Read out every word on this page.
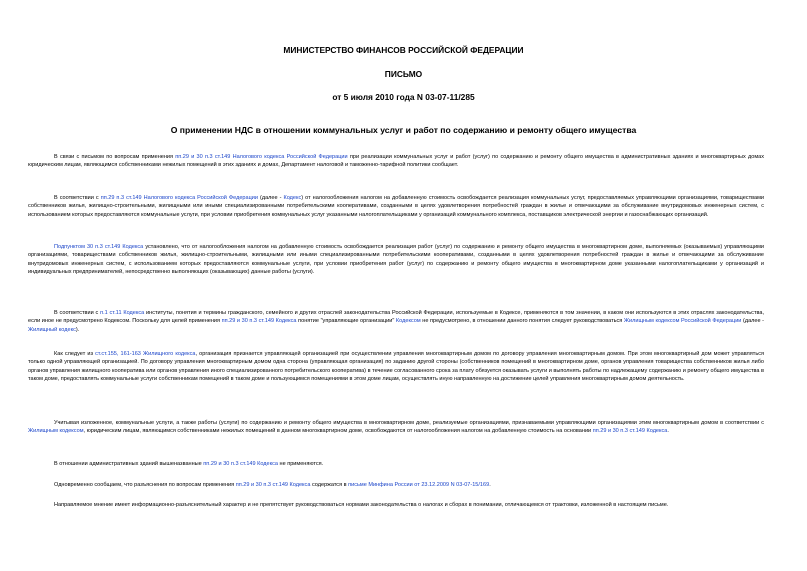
МИНИСТЕРСТВО ФИНАНСОВ РОССИЙСКОЙ ФЕДЕРАЦИИ
ПИСЬМО
от 5 июля 2010 года N 03-07-11/285
О применении НДС в отношении коммунальных услуг и работ по содержанию и ремонту общего имущества

В связи с письмом по вопросам применения пп.29 и 30 п.3 ст.149 Налогового кодекса Российской Федерации при реализации коммунальных услуг и работ (услуг) по содержанию и ремонту общего имущества в административных зданиях и многоквартирных домах юридическим лицам, являющимся собственниками нежилых помещений в этих зданиях и домах, Департамент налоговой и таможенно-тарифной политики сообщает.

В соответствии с пп.29 п.3 ст.149 Налогового кодекса Российской Федерации (далее - Кодекс) от налогообложения налогом на добавленную стоимость освобождается реализация коммунальных услуг, предоставляемых управляющими организациями, товариществами собственников жилья, жилищно-строительными, жилищными или иными специализированными потребительскими кооперативами, созданными в целях удовлетворения потребностей граждан в жилье и отвечающими за обслуживание внутридомовых инженерных систем, с использованием которых предоставляются коммунальные услуги, при условии приобретения коммунальных услуг указанными налогоплательщиками у организаций коммунального комплекса, поставщиков электрической энергии и газоснабжающих организаций.

Подпунктом 30 п.3 ст.149 Кодекса установлено, что от налогообложения налогом на добавленную стоимость освобождается реализация работ (услуг) по содержанию и ремонту общего имущества в многоквартирном доме, выполняемых (оказываемых) управляющими организациями, товариществами собственников жилья, жилищно-строительными, жилищными или иными специализированными потребительскими кооперативами, созданными в целях удовлетворения потребностей граждан в жилье и отвечающими за обслуживание внутридомовых инженерных систем, с использованием которых предоставляются коммунальные услуги, при условии приобретения работ (услуг) по содержанию и ремонту общего имущества в многоквартирном доме указанными налогоплательщиками у организаций и индивидуальных предпринимателей, непосредственно выполняющих (оказывающих) данные работы (услуги).

В соответствии с п.1 ст.11 Кодекса институты, понятия и термины гражданского, семейного и других отраслей законодательства Российской Федерации, используемые в Кодексе, применяются в том значении, в каком они используются в этих отраслях законодательства, если иное не предусмотрено Кодексом. Поскольку для целей применения пп.29 и 30 п.3 ст.149 Кодекса понятие "управляющие организации" Кодексом не предусмотрено, в отношении данного понятия следует руководствоваться Жилищным кодексом Российской Федерации (далее - Жилищный кодекс).

Как следует из ст.ст.155, 161-163 Жилищного кодекса, организация признается управляющей организацией при осуществлении управления многоквартирным домом по договору управления многоквартирным домом. При этом многоквартирный дом может управляться только одной управляющей организацией. По договору управления многоквартирным домом одна сторона (управляющая организация) по заданию другой стороны (собственников помещений в многоквартирном доме, органов управления товарищества собственников жилья либо органов управления жилищного кооператива или органов управления иного специализированного потребительского кооператива) в течение согласованного срока за плату обязуется оказывать услуги и выполнять работы по надлежащему содержанию и ремонту общего имущества в таком доме, предоставлять коммунальные услуги собственникам помещений в таком доме и пользующимся помещениями в этом доме лицам, осуществлять иную направленную на достижение целей управления многоквартирным домом деятельность.

Учитывая изложенное, коммунальные услуги, а также работы (услуги) по содержанию и ремонту общего имущества в многоквартирном доме, реализуемые организациями, признаваемыми управляющими организациями этим многоквартирным домом в соответствии с Жилищным кодексом, юридическим лицам, являющимся собственниками нежилых помещений в данном многоквартирном доме, освобождаются от налогообложения налогом на добавленную стоимость на основании пп.29 и 30 п.3 ст.149 Кодекса.

В отношении административных зданий вышеназванные пп.29 и 30 п.3 ст.149 Кодекса не применяются.

Одновременно сообщаем, что разъяснения по вопросам применения пп.29 и 30 п.3 ст.149 Кодекса содержатся в письме Минфина России от 23.12.2009 N 03-07-15/169.

Направляемое мнение имеет информационно-разъяснительный характер и не препятствует руководствоваться нормами законодательства о налогах и сборах в понимании, отличающемся от трактовки, изложенной в настоящем письме.
